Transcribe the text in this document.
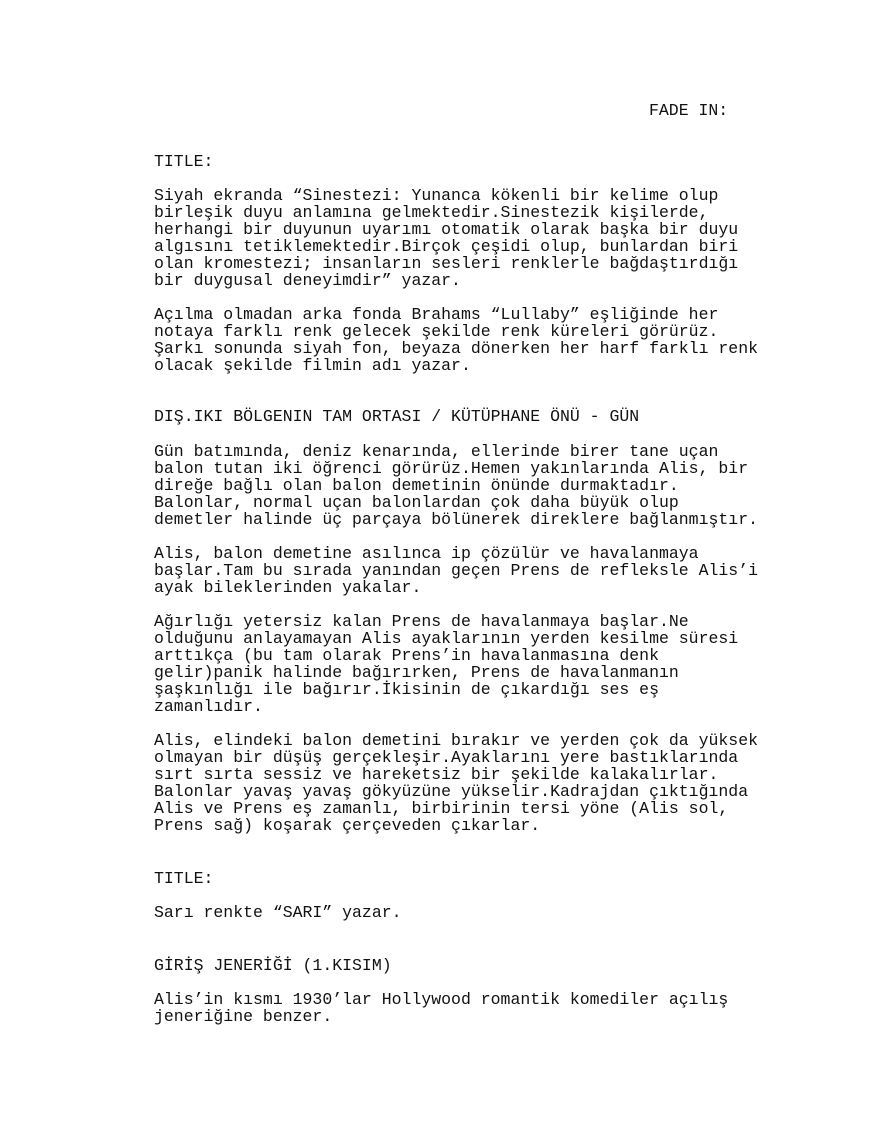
FADE IN:

TITLE:

Siyah ekranda “Sinestezi: Yunanca kökenli bir kelime olup

birleşik duyu anlamına gelmektedir.Sinestezik kişilerde,

herhangi bir duyunun uyarımı otomatik olarak başka bir duyu

algısını tetiklemektedir.Birçok çeşidi olup, bunlardan biri

olan kromestezi; insanların sesleri renklerle bağdaştırdığı

bir duygusal deneyimdir” yazar.

Açılma olmadan arka fonda Brahams “Lullaby” eşliğinde her

notaya farklı renk gelecek şekilde renk küreleri görürüz.

Şarkı sonunda siyah fon, beyaza dönerken her harf farklı renk

olacak şekilde filmin adı yazar.

DIŞ.IKI BÖLGENIN TAM ORTASI / KÜTÜPHANE ÖNÜ - GÜN

Gün batımında, deniz kenarında, ellerinde birer tane uçan

balon tutan iki öğrenci görürüz.Hemen yakınlarında Alis, bir

direğe bağlı olan balon demetinin önünde durmaktadır.

Balonlar, normal uçan balonlardan çok daha büyük olup

demetler halinde üç parçaya bölünerek direklere bağlanmıştır.

Alis, balon demetine asılınca ip çözülür ve havalanmaya

başlar.Tam bu sırada yanından geçen Prens de refleksle Alis’i

ayak bileklerinden yakalar.

Ağırlığı yetersiz kalan Prens de havalanmaya başlar.Ne

olduğunu anlayamayan Alis ayaklarının yerden kesilme süresi

arttıkça (bu tam olarak Prens’in havalanmasına denk

gelir)panik halinde bağırırken, Prens de havalanmanın

şaşkınlığı ile bağırır.İkisinin de çıkardığı ses eş

zamanlıdır.

Alis, elindeki balon demetini bırakır ve yerden çok da yüksek

olmayan bir düşüş gerçekleşir.Ayaklarını yere bastıklarında

sırt sırta sessiz ve hareketsiz bir şekilde kalakalırlar.

Balonlar yavaş yavaş gökyüzüne yükselir.Kadrajdan çıktığında

Alis ve Prens eş zamanlı, birbirinin tersi yöne (Alis sol,

Prens sağ) koşarak çerçeveden çıkarlar.

TITLE:

Sarı renkte “SARI” yazar.

GİRİŞ JENERİĞİ (1.KISIM)

Alis’in kısmı 1930’lar Hollywood romantik komediler açılış

jeneriğine benzer.
